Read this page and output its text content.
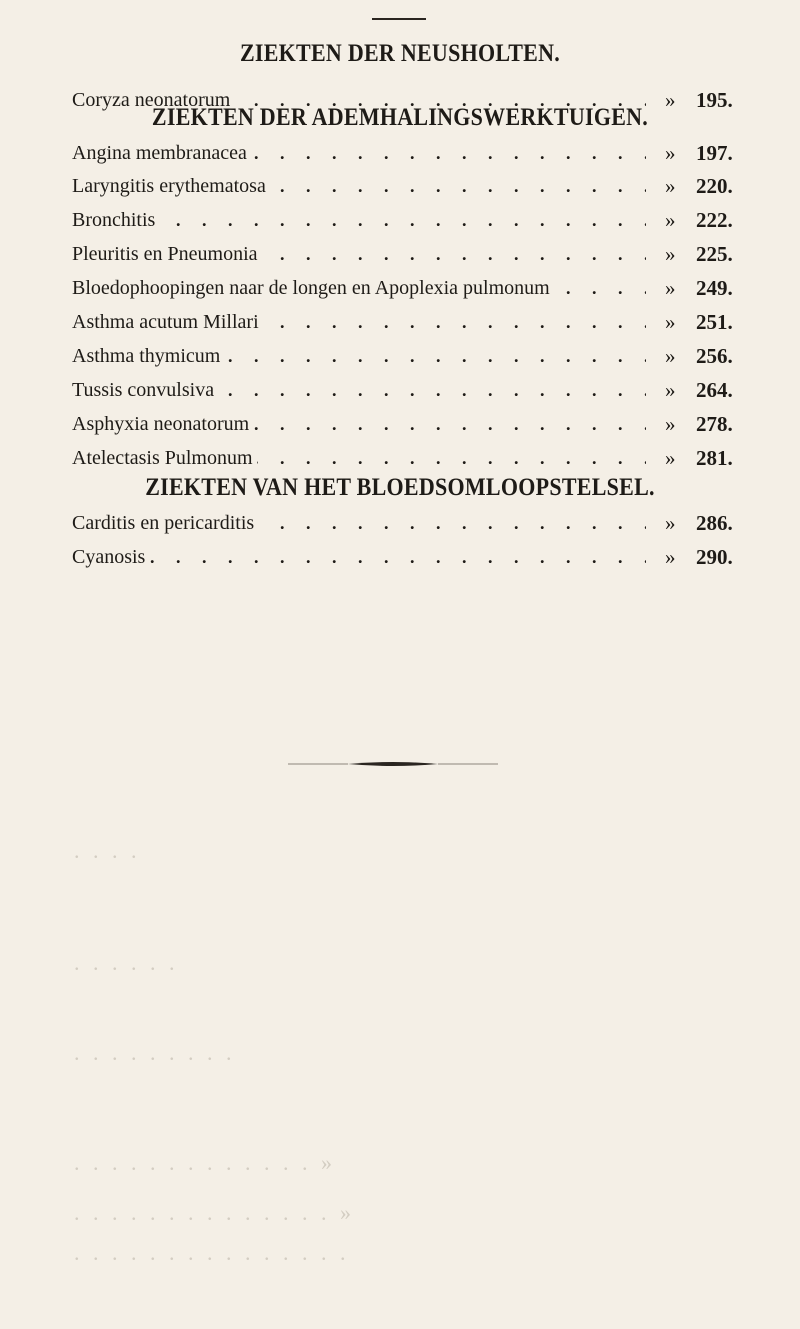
ZIEKTEN DER NEUSHOLTEN.
. . .
Coryza neonatorum	» 195.
ZIEKTEN DER ADEMHALINGSWERKTUIGEN.
. . .
Angina membranacea	» 197.
. . .
Laryngitis erythematosa	» 220.
. . .
Bronchitis	» 222.
. . .
Pleuritis en Pneumonia	» 225.
. . .
Bloedophoopingen naar de longen en Apoplexia pulmonum	» 249.
. . .
Asthma acutum Millari	» 251.
. . .
Asthma thymicum	» 256.
. . .
Tussis convulsiva	» 264.
. . .
Asphyxia neonatorum	» 278.
. . .
Atelectasis Pulmonum	» 281.
ZIEKTEN VAN HET BLOEDSOMLOOPSTELSEL.
. . .
Carditis en pericarditis	» 286.
. . .
Cyanosis	» 290.
. . . .
. . . . . .
. . . . . . . . .
« . . . . . . . . . . . . .
« . . . . . . . . . . . . . .
. . . . . . . . . . . . . . .
